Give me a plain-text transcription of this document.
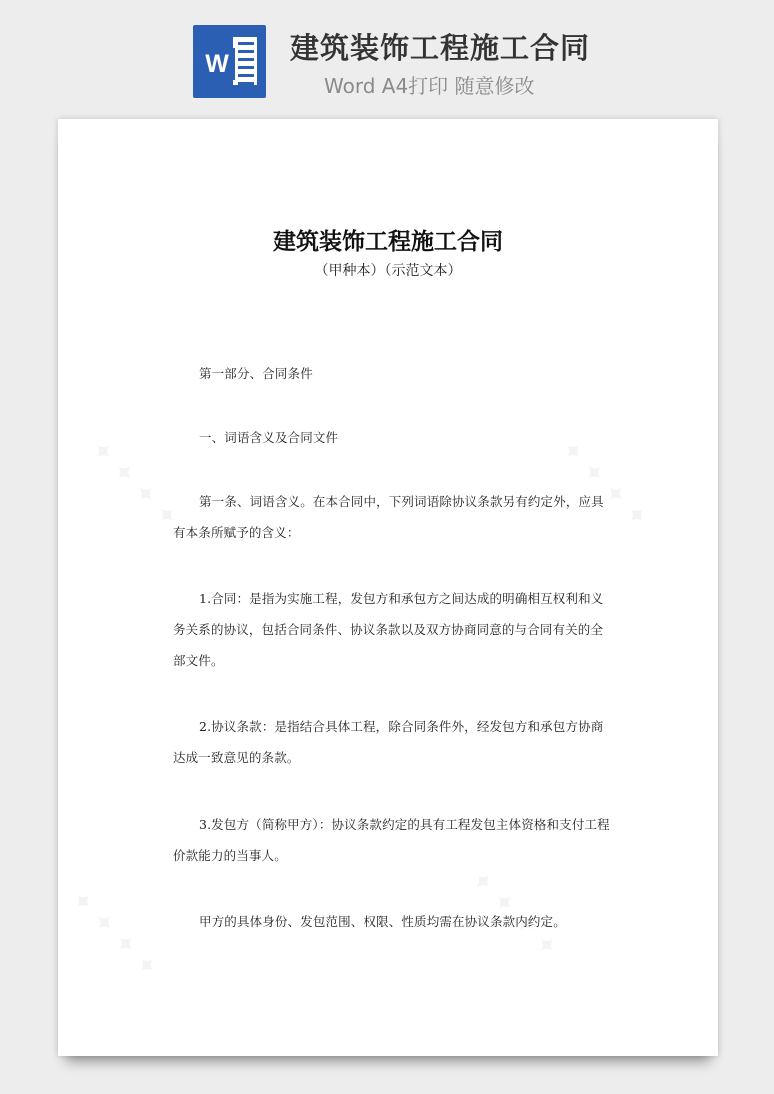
W 建筑装饰工程施工合同
Word A4打印 随意修改
建筑装饰工程施工合同
（甲种本）（示范文本）
第一部分、合同条件
一、词语含义及合同文件
第一条、词语含义。在本合同中，下列词语除协议条款另有约定外，应具有本条所赋予的含义：
1.合同：是指为实施工程，发包方和承包方之间达成的明确相互权利和义务关系的协议，包括合同条件、协议条款以及双方协商同意的与合同有关的全部文件。
2.协议条款：是指结合具体工程，除合同条件外，经发包方和承包方协商达成一致意见的条款。
3.发包方（简称甲方）：协议条款约定的具有工程发包主体资格和支付工程价款能力的当事人。
甲方的具体身份、发包范围、权限、性质均需在协议条款内约定。
